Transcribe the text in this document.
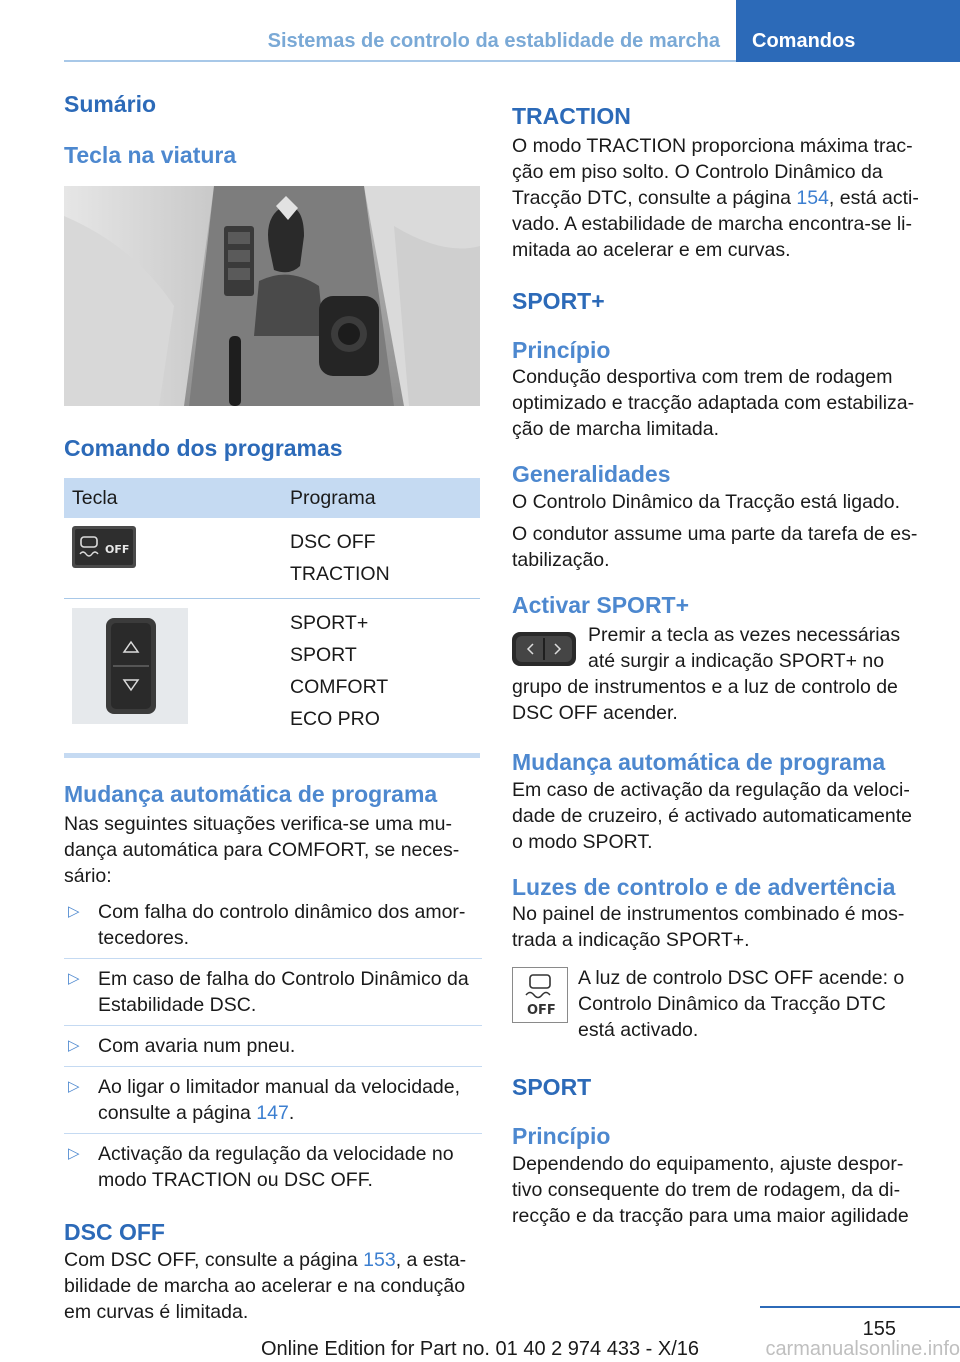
Sistemas de controlo da establidade de marcha Comandos
Sumário
Tecla na viatura
Comando dos programas
Tecla	Programa

OFF	DSC OFF
TRACTION

SPORT+
SPORT
COMFORT
ECO PRO
Mudança automática de programa

Nas seguintes situações verifica-se uma mu-dança automática para COMFORT, se neces-sário:

▷ Com falha do controlo dinâmico dos amor-tecedores.
▷ Em caso de falha do Controlo Dinâmico da Estabilidade DSC.
▷ Com avaria num pneu.
▷ Ao ligar o limitador manual da velocidade, consulte a página 147.
▷ Activação da regulação da velocidade no modo TRACTION ou DSC OFF.
DSC OFF

Com DSC OFF, consulte a página 153, a esta-bilidade de marcha ao acelerar e na condução em curvas é limitada.

TRACTION

O modo TRACTION proporciona máxima trac-ção em piso solto. O Controlo Dinâmico da Tracção DTC, consulte a página 154, está acti-vado. A estabilidade de marcha encontra-se li-mitada ao acelerar e em curvas.

SPORT+
Princípio

Condução desportiva com trem de rodagem optimizado e tracção adaptada com estabiliza-ção de marcha limitada.

Generalidades

O Controlo Dinâmico da Tracção está ligado.

O condutor assume uma parte da tarefa de es-tabilização.

Activar SPORT+

Premir a tecla as vezes necessárias até surgir a indicação SPORT+ no

grupo de instrumentos e a luz de controlo de DSC OFF acender.

Mudança automática de programa

Em caso de activação da regulação da veloci-dade de cruzeiro, é activado automaticamente o modo SPORT.

Luzes de controlo e de advertência

No painel de instrumentos combinado é mos-trada a indicação SPORT+.

OFF

A luz de controlo DSC OFF acende: o Controlo Dinâmico da Tracção DTC está activado.

SPORT
Princípio

Dependendo do equipamento, ajuste despor-tivo consequente do trem de rodagem, da di-recção e da tracção para uma maior agilidade

155
Online Edition for Part no. 01 40 2 974 433 - X/16	carmanualsonline.info
